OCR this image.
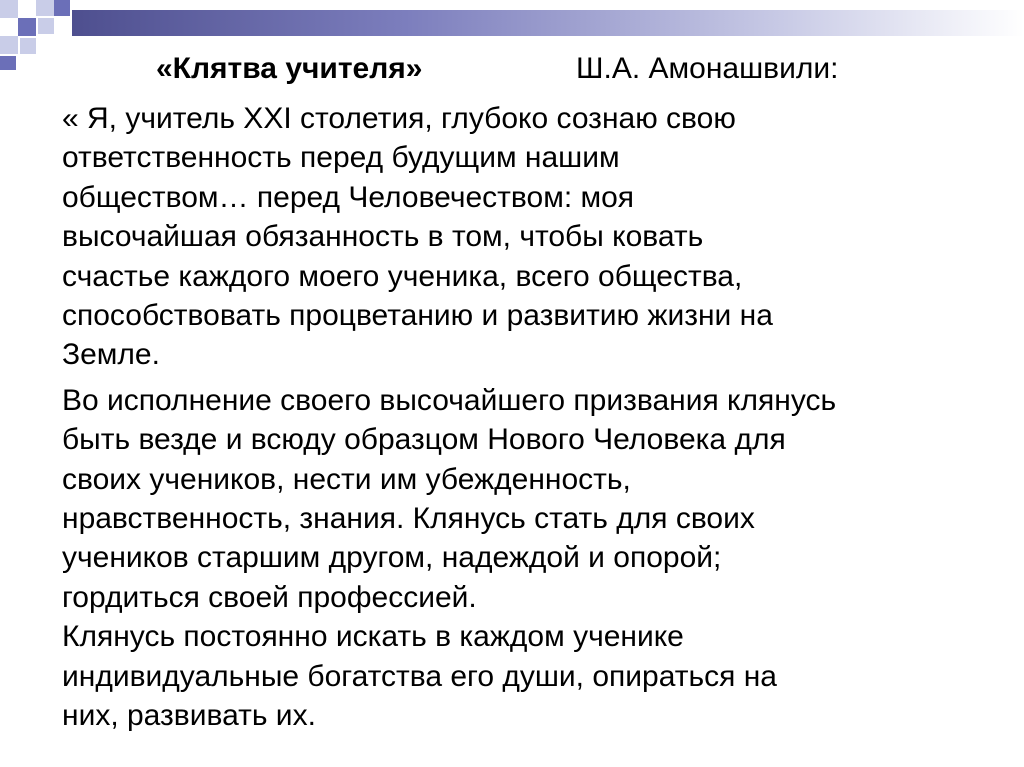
«Клятва учителя»	Ш.А. Амонашвили:

« Я, учитель XXI столетия, глубоко сознаю свою
ответственность перед будущим нашим
обществом… перед Человечеством: моя
высочайшая обязанность в том, чтобы ковать
счастье каждого моего ученика, всего общества,
способствовать процветанию и развитию жизни на
Земле.

Во исполнение своего высочайшего призвания клянусь
быть везде и всюду образцом Нового Человека для
своих учеников, нести им убежденность,
нравственность, знания. Клянусь стать для своих
учеников старшим другом, надеждой и опорой;
гордиться своей профессией.
Клянусь постоянно искать в каждом ученике
индивидуальные богатства его души, опираться на
них, развивать их.
